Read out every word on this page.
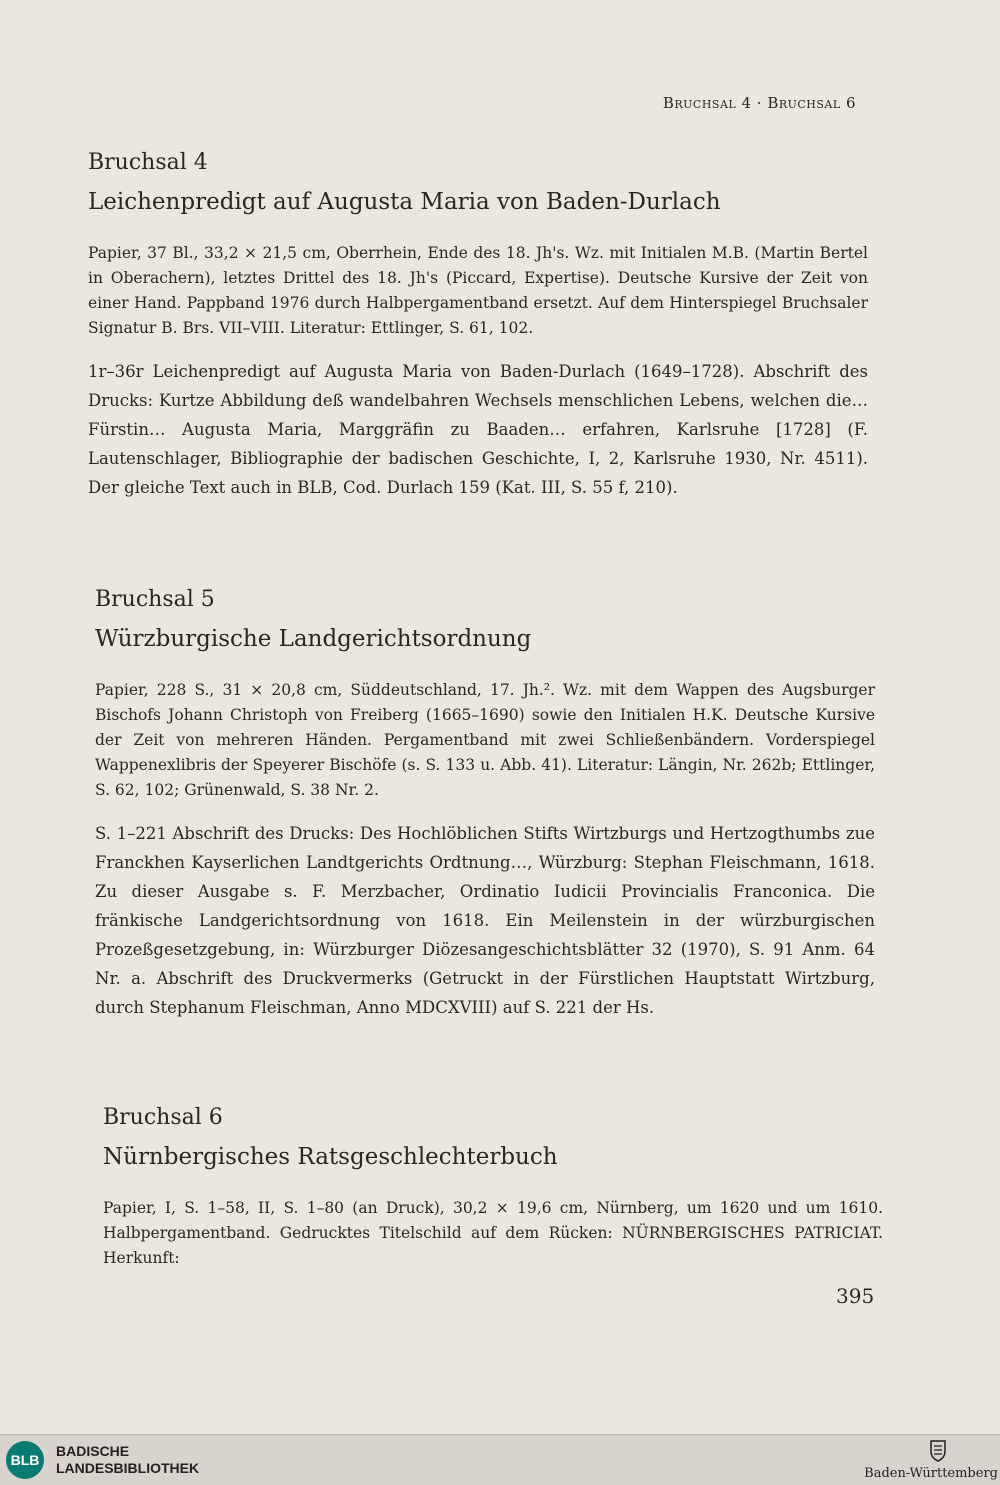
Bruchsal 4 · Bruchsal 6
Bruchsal 4
Leichenpredigt auf Augusta Maria von Baden-Durlach

Papier, 37 Bl., 33,2 × 21,5 cm, Oberrhein, Ende des 18. Jh's. Wz. mit Initialen M.B. (Martin Bertel in Oberachern), letztes Drittel des 18. Jh's (Piccard, Expertise). Deutsche Kursive der Zeit von einer Hand. Pappband 1976 durch Halbpergamentband ersetzt. Auf dem Hinterspiegel Bruchsaler Signatur B. Brs. VII–VIII. Literatur: Ettlinger, S. 61, 102.

1r–36r Leichenpredigt auf Augusta Maria von Baden-Durlach (1649–1728). Abschrift des Drucks: Kurtze Abbildung deß wandelbahren Wechsels menschlichen Lebens, welchen die… Fürstin… Augusta Maria, Marggräfin zu Baaden… erfahren, Karlsruhe [1728] (F. Lautenschlager, Bibliographie der badischen Geschichte, I, 2, Karlsruhe 1930, Nr. 4511). Der gleiche Text auch in BLB, Cod. Durlach 159 (Kat. III, S. 55 f, 210).

Bruchsal 5
Würzburgische Landgerichtsordnung

Papier, 228 S., 31 × 20,8 cm, Süddeutschland, 17. Jh.². Wz. mit dem Wappen des Augsburger Bischofs Johann Christoph von Freiberg (1665–1690) sowie den Initialen H.K. Deutsche Kursive der Zeit von mehreren Händen. Pergamentband mit zwei Schließenbändern. Vorderspiegel Wappenexlibris der Speyerer Bischöfe (s. S. 133 u. Abb. 41). Literatur: Längin, Nr. 262b; Ettlinger, S. 62, 102; Grünenwald, S. 38 Nr. 2.

S. 1–221 Abschrift des Drucks: Des Hochlöblichen Stifts Wirtzburgs und Hertzogthumbs zue Franckhen Kayserlichen Landtgerichts Ordtnung…, Würzburg: Stephan Fleischmann, 1618. Zu dieser Ausgabe s. F. Merzbacher, Ordinatio Iudicii Provincialis Franconica. Die fränkische Landgerichtsordnung von 1618. Ein Meilenstein in der würzburgischen Prozeßgesetzgebung, in: Würzburger Diözesangeschichtsblätter 32 (1970), S. 91 Anm. 64 Nr. a. Abschrift des Druckvermerks (Getruckt in der Fürstlichen Hauptstatt Wirtzburg, durch Stephanum Fleischman, Anno MDCXVIII) auf S. 221 der Hs.

Bruchsal 6
Nürnbergisches Ratsgeschlechterbuch

Papier, I, S. 1–58, II, S. 1–80 (an Druck), 30,2 × 19,6 cm, Nürnberg, um 1620 und um 1610. Halbpergamentband. Gedrucktes Titelschild auf dem Rücken: NÜRNBERGISCHES PATRICIAT. Herkunft:

395
BLB
BADISCHE
LANDESBIBLIOTHEK	Baden-Württemberg
